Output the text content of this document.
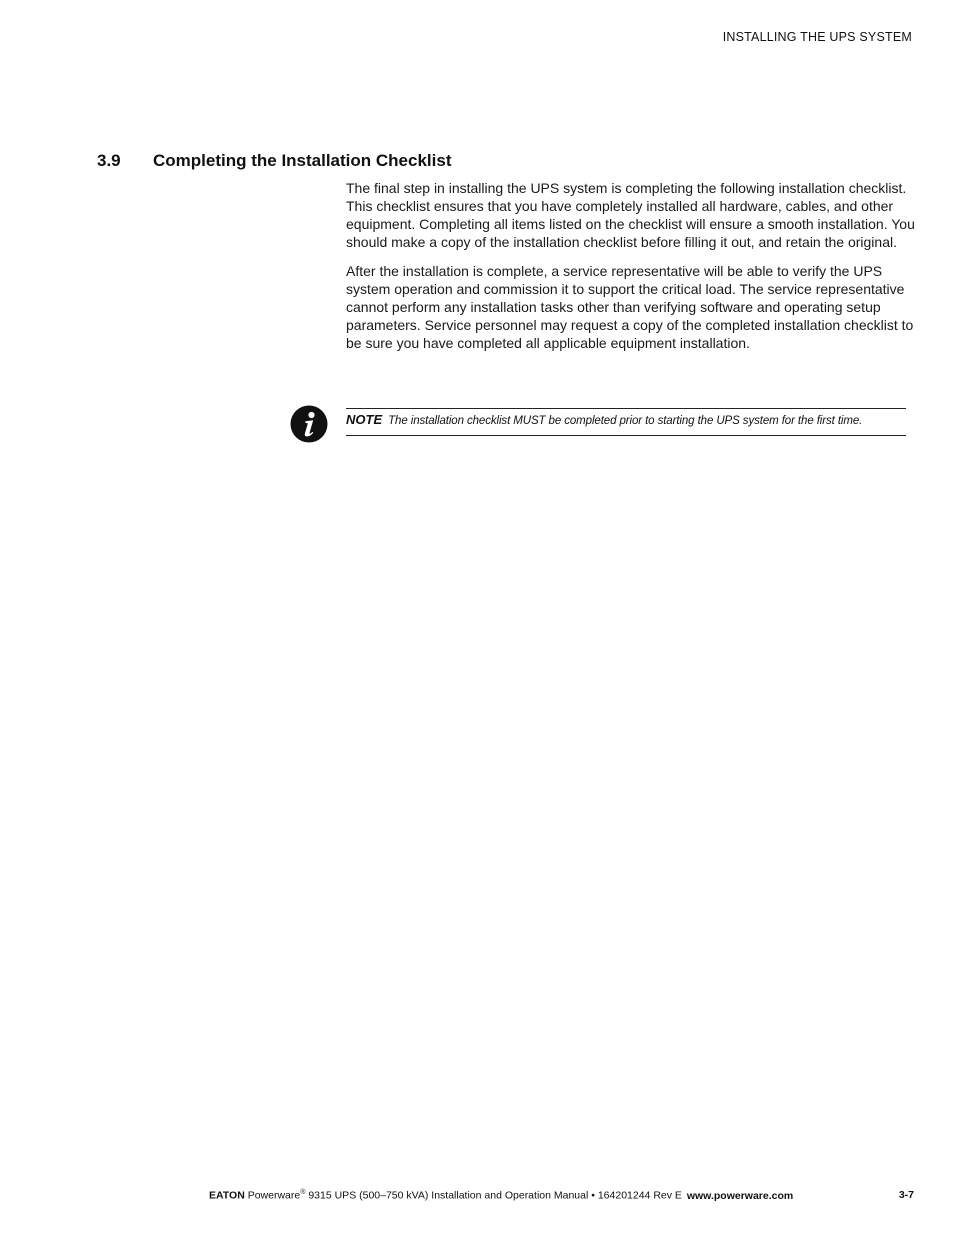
INSTALLING THE UPS SYSTEM
3.9 Completing the Installation Checklist

The final step in installing the UPS system is completing the following installation checklist. This checklist ensures that you have completely installed all hardware, cables, and other equipment. Completing all items listed on the checklist will ensure a smooth installation. You should make a copy of the installation checklist before filling it out, and retain the original.

After the installation is complete, a service representative will be able to verify the UPS system operation and commission it to support the critical load. The service representative cannot perform any installation tasks other than verifying software and operating setup parameters. Service personnel may request a copy of the completed installation checklist to be sure you have completed all applicable equipment installation.

NOTE The installation checklist MUST be completed prior to starting the UPS system for the first time.
EATON Powerware® 9315 UPS (500–750 kVA) Installation and Operation Manual • 164201244 Rev E www.powerware.com	3-7
